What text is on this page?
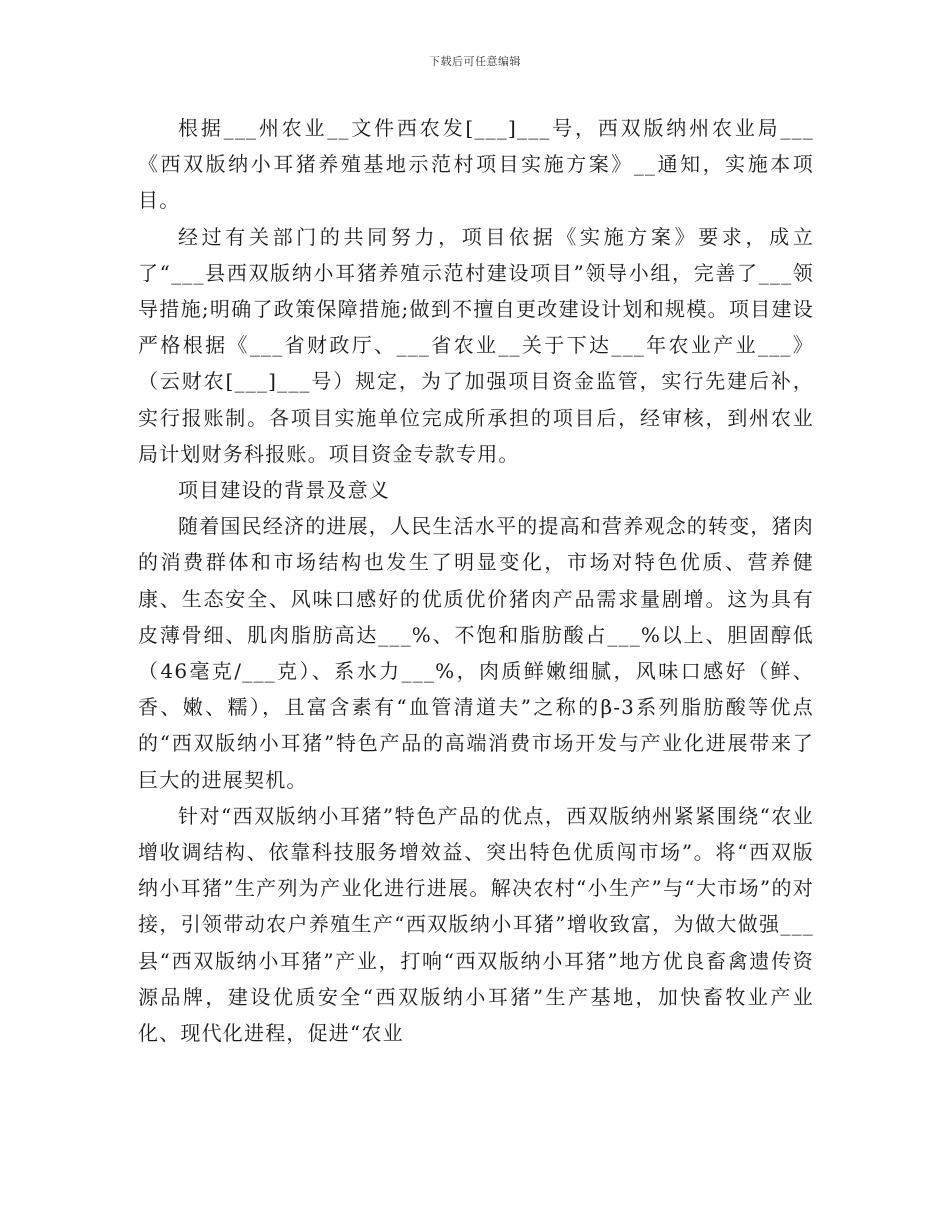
下载后可任意编辑

根据___州农业__文件西农发[___]___号，西双版纳州农业局___《西双版纳小耳猪养殖基地示范村项目实施方案》__通知，实施本项目。

经过有关部门的共同努力，项目依据《实施方案》要求，成立了“___县西双版纳小耳猪养殖示范村建设项目”领导小组，完善了___领导措施;明确了政策保障措施;做到不擅自更改建设计划和规模。项目建设严格根据《___省财政厅、___省农业__关于下达___年农业产业___》（云财农[___]___号）规定，为了加强项目资金监管，实行先建后补，实行报账制。各项目实施单位完成所承担的项目后，经审核，到州农业局计划财务科报账。项目资金专款专用。

项目建设的背景及意义

随着国民经济的进展，人民生活水平的提高和营养观念的转变，猪肉的消费群体和市场结构也发生了明显变化，市场对特色优质、营养健康、生态安全、风味口感好的优质优价猪肉产品需求量剧增。这为具有皮薄骨细、肌肉脂肪高达___%、不饱和脂肪酸占___%以上、胆固醇低（46毫克/___克）、系水力___%，肉质鲜嫩细腻，风味口感好（鲜、香、嫩、糯），且富含素有“血管清道夫”之称的β-3系列脂肪酸等优点的“西双版纳小耳猪”特色产品的高端消费市场开发与产业化进展带来了巨大的进展契机。

针对“西双版纳小耳猪”特色产品的优点，西双版纳州紧紧围绕“农业增收调结构、依靠科技服务增效益、突出特色优质闯市场”。将“西双版纳小耳猪”生产列为产业化进行进展。解决农村“小生产”与“大市场”的对接，引领带动农户养殖生产“西双版纳小耳猪”增收致富，为做大做强___县“西双版纳小耳猪”产业，打响“西双版纳小耳猪”地方优良畜禽遗传资源品牌，建设优质安全“西双版纳小耳猪”生产基地，加快畜牧业产业化、现代化进程，促进“农业
